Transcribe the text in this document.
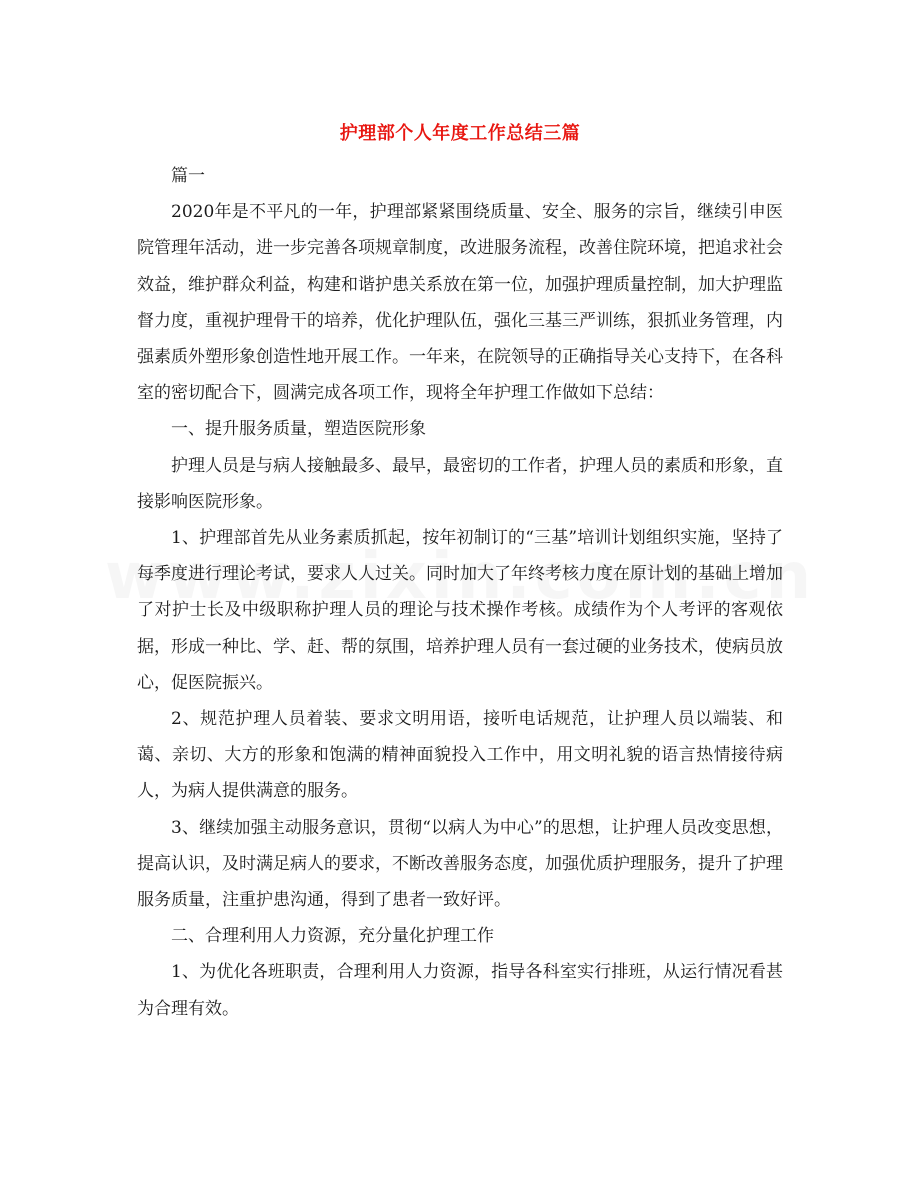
护理部个人年度工作总结三篇

篇一

2020年是不平凡的一年，护理部紧紧围绕质量、安全、服务的宗旨，继续引申医院管理年活动，进一步完善各项规章制度，改进服务流程，改善住院环境，把追求社会效益，维护群众利益，构建和谐护患关系放在第一位，加强护理质量控制，加大护理监督力度，重视护理骨干的培养，优化护理队伍，强化三基三严训练，狠抓业务管理，内强素质外塑形象创造性地开展工作。一年来，在院领导的正确指导关心支持下，在各科室的密切配合下，圆满完成各项工作，现将全年护理工作做如下总结：

一、提升服务质量，塑造医院形象

护理人员是与病人接触最多、最早，最密切的工作者，护理人员的素质和形象，直接影响医院形象。

1、护理部首先从业务素质抓起，按年初制订的“三基”培训计划组织实施，坚持了每季度进行理论考试，要求人人过关。同时加大了年终考核力度在原计划的基础上增加了对护士长及中级职称护理人员的理论与技术操作考核。成绩作为个人考评的客观依据，形成一种比、学、赶、帮的氛围，培养护理人员有一套过硬的业务技术，使病员放心，促医院振兴。

2、规范护理人员着装、要求文明用语，接听电话规范，让护理人员以端装、和蔼、亲切、大方的形象和饱满的精神面貌投入工作中，用文明礼貌的语言热情接待病人，为病人提供满意的服务。

3、继续加强主动服务意识，贯彻“以病人为中心”的思想，让护理人员改变思想，提高认识，及时满足病人的要求，不断改善服务态度，加强优质护理服务，提升了护理服务质量，注重护患沟通，得到了患者一致好评。

二、合理利用人力资源，充分量化护理工作

1、为优化各班职责，合理利用人力资源，指导各科室实行排班，从运行情况看甚为合理有效。
